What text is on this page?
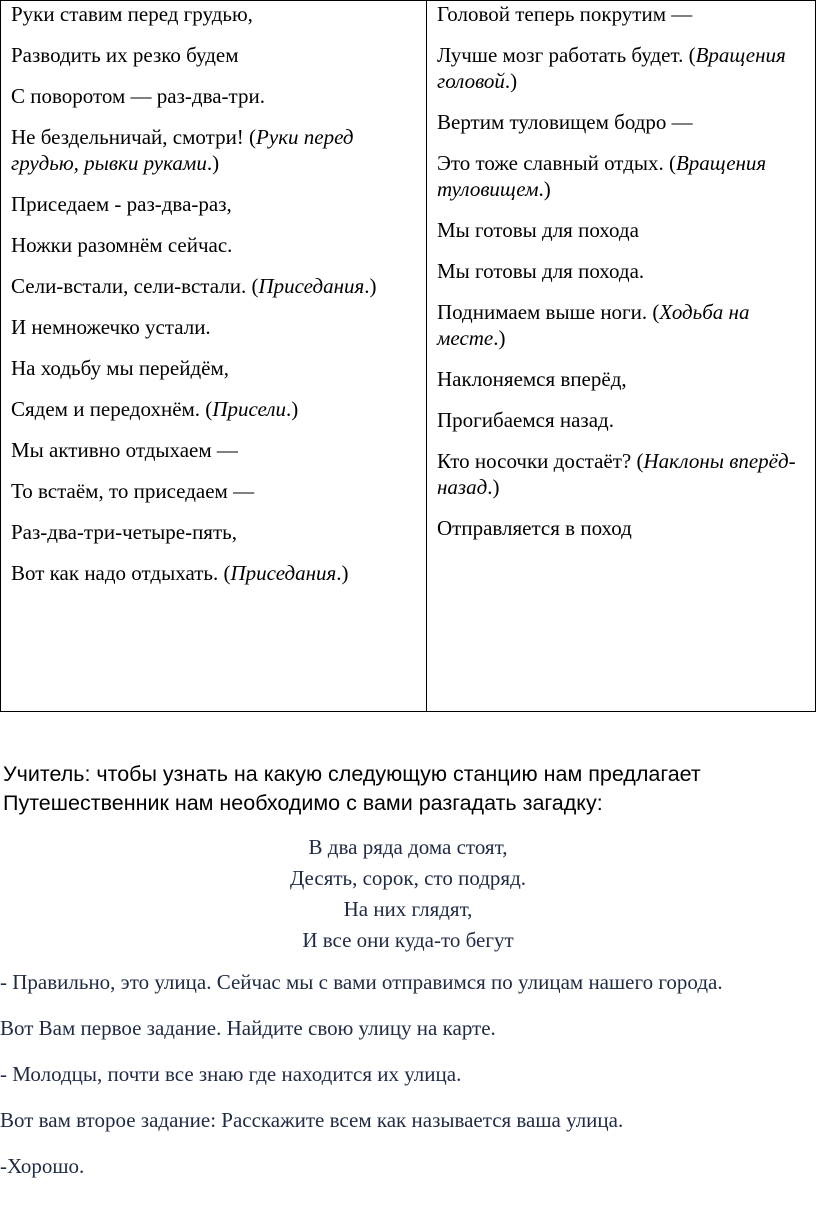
Руки ставим перед грудью,

Разводить их резко будем

С поворотом — раз-два-три.

Не бездельничай, смотри! (Руки перед грудью, рывки руками.)

Приседаем - раз-два-раз,

Ножки разомнём сейчас.

Сели-встали, сели-встали. (Приседания.)

И немножечко устали.

На ходьбу мы перейдём,

Сядем и передохнём. (Присели.)

Мы активно отдыхаем —

То встаём, то приседаем —

Раз-два-три-четыре-пять,

Вот как надо отдыхать. (Приседания.)

Головой теперь покрутим —

Лучше мозг работать будет. (Вращения головой.)

Вертим туловищем бодро —

Это тоже славный отдых. (Вращения туловищем.)

Мы готовы для похода

Мы готовы для похода.

Поднимаем выше ноги. (Ходьба на месте.)

Наклоняемся вперёд,

Прогибаемся назад.

Кто носочки достаёт? (Наклоны вперёд-назад.)

Отправляется в поход

Учитель: чтобы узнать на какую следующую станцию нам предлагает Путешественник нам необходимо с вами разгадать загадку:

В два ряда дома стоят,
Десять, сорок, сто подряд.
На них глядят,
И все они куда-то бегут

- Правильно, это улица. Сейчас мы с вами отправимся по улицам нашего города.

Вот Вам первое задание. Найдите свою улицу на карте.

- Молодцы, почти все знаю где находится их улица.

Вот вам второе задание: Расскажите всем как называется ваша улица.

-Хорошо.
